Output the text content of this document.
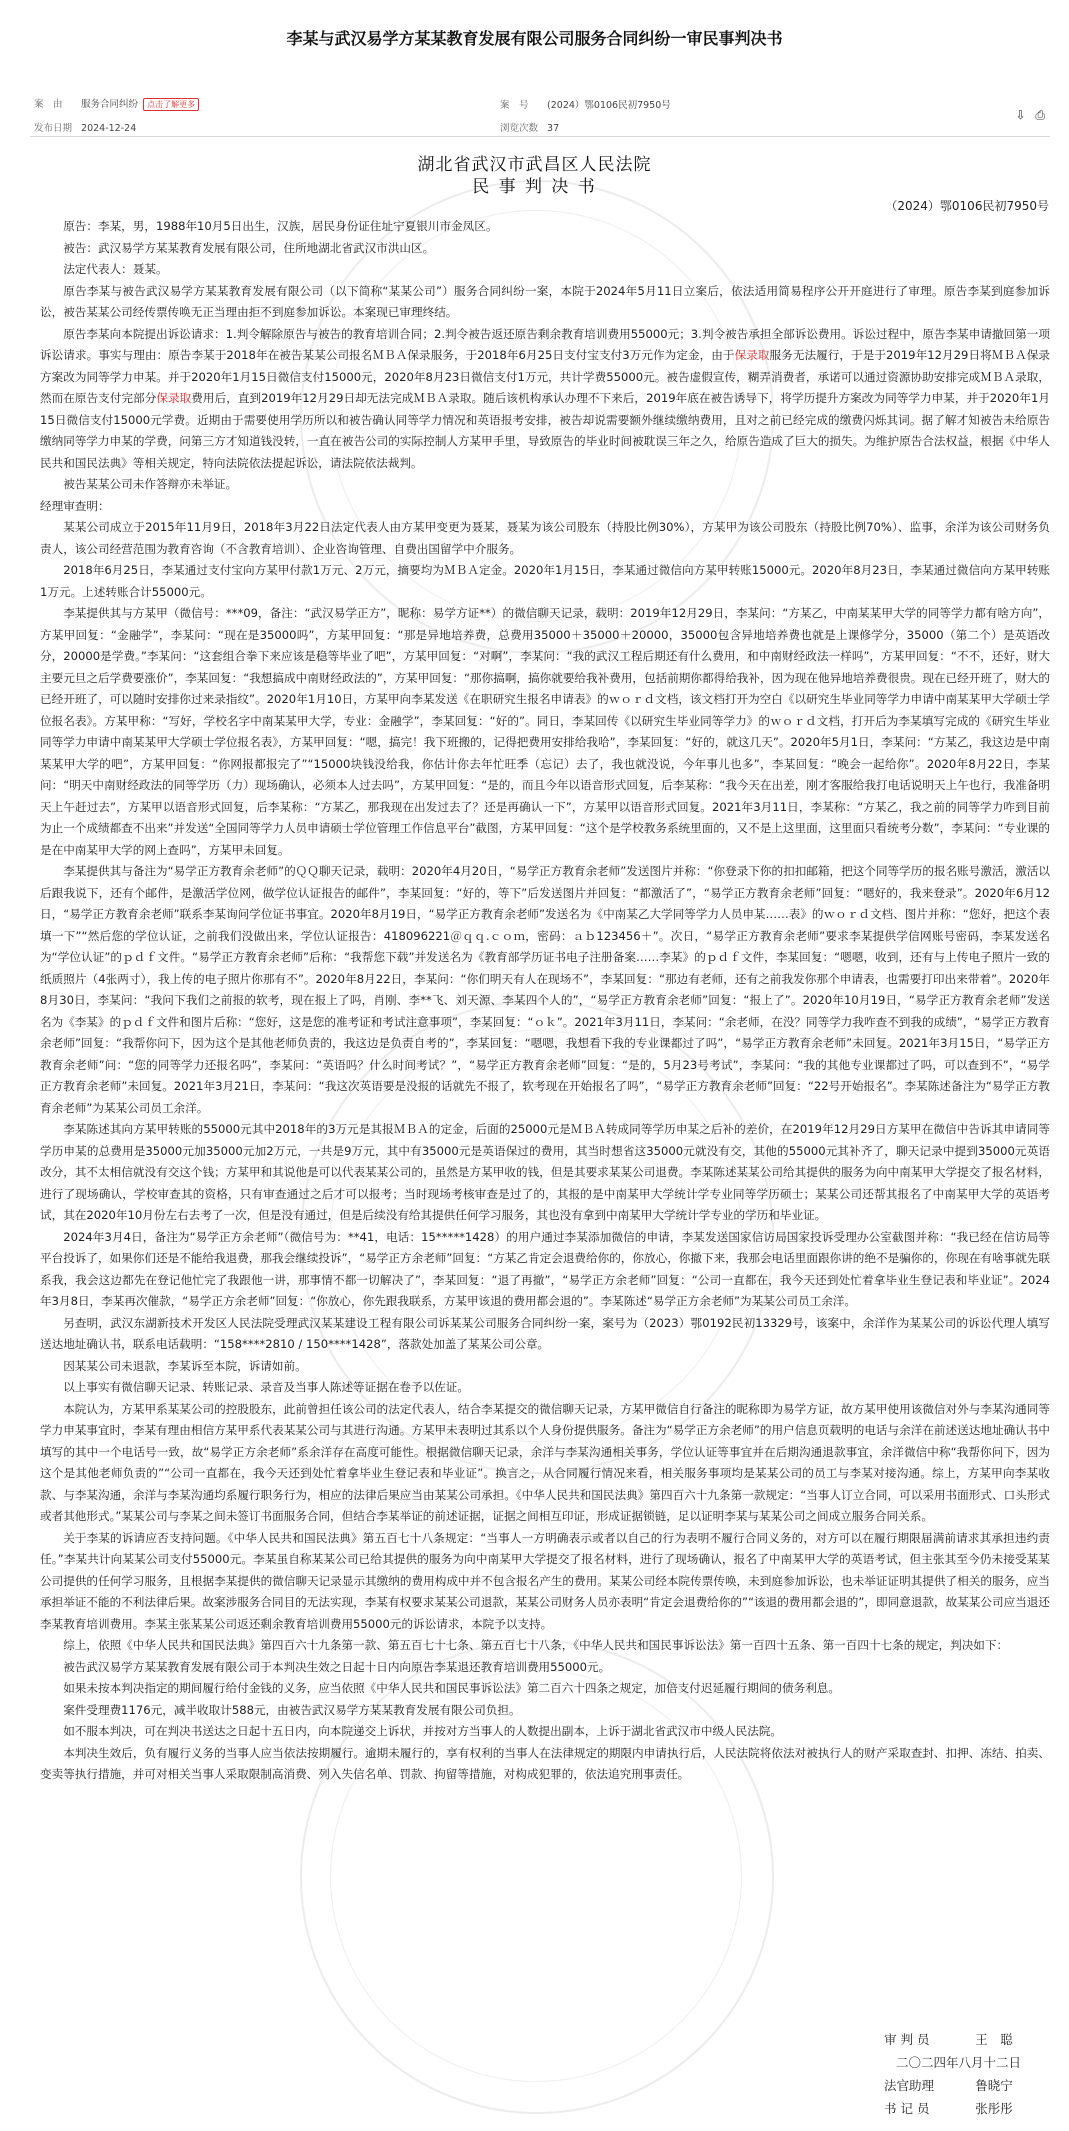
李某与武汉易学方某某教育发展有限公司服务合同纠纷一审民事判决书
案　由 服务合同纠纷 点击了解更多	案　号 (2024）鄂0106民初7950号
发布日期 2024-12-24	浏览次数 37
⇩ ⎙
湖北省武汉市武昌区人民法院
民 事 判 决 书
（2024）鄂0106民初7950号

原告：李某，男，1988年10月5日出生，汉族，居民身份证住址宁夏银川市金凤区。

被告：武汉易学方某某教育发展有限公司，住所地湖北省武汉市洪山区。

法定代表人：聂某。

原告李某与被告武汉易学方某某教育发展有限公司（以下简称“某某公司”）服务合同纠纷一案，本院于2024年5月11日立案后，依法适用简易程序公开开庭进行了审理。原告李某到庭参加诉讼，被告某某公司经传票传唤无正当理由拒不到庭参加诉讼。本案现已审理终结。

原告李某向本院提出诉讼请求：1.判令解除原告与被告的教育培训合同；2.判令被告返还原告剩余教育培训费用55000元；3.判令被告承担全部诉讼费用。诉讼过程中，原告李某申请撤回第一项诉讼请求。事实与理由：原告李某于2018年在被告某某公司报名ＭＢＡ保录服务，于2018年6月25日支付宝支付3万元作为定金，由于保录取服务无法履行，于是于2019年12月29日将ＭＢＡ保录方案改为同等学力申某。并于2020年1月15日微信支付15000元，2020年8月23日微信支付1万元，共计学费55000元。被告虚假宣传，糊弄消费者，承诺可以通过资源协助安排完成ＭＢＡ录取，然而在原告支付完部分保录取费用后，直到2019年12月29日却无法完成ＭＢＡ录取。随后该机构承认办理不下来后，2019年底在被告诱导下，将学历提升方案改为同等学力申某，并于2020年1月15日微信支付15000元学费。近期由于需要使用学历所以和被告确认同等学力情况和英语报考安排，被告却说需要额外继续缴纳费用，且对之前已经完成的缴费闪烁其词。据了解才知被告未给原告缴纳同等学力申某的学费，问第三方才知道钱没转，一直在被告公司的实际控制人方某甲手里，导致原告的毕业时间被耽误三年之久，给原告造成了巨大的损失。为维护原告合法权益，根据《中华人民共和国民法典》等相关规定，特向法院依法提起诉讼，请法院依法裁判。

被告某某公司未作答辩亦未举证。

经理审查明：

某某公司成立于2015年11月9日，2018年3月22日法定代表人由方某甲变更为聂某，聂某为该公司股东（持股比例30%），方某甲为该公司股东（持股比例70%）、监事，余洋为该公司财务负责人，该公司经营范围为教育咨询（不含教育培训）、企业咨询管理、自费出国留学中介服务。

2018年6月25日，李某通过支付宝向方某甲付款1万元、2万元，摘要均为ＭＢＡ定金。2020年1月15日，李某通过微信向方某甲转账15000元。2020年8月23日，李某通过微信向方某甲转账1万元。上述转账合计55000元。

李某提供其与方某甲（微信号：***09，备注：“武汉易学正方”，昵称：易学方证**）的微信聊天记录，载明：2019年12月29日，李某问：“方某乙，中南某某甲大学的同等学力都有啥方向”，方某甲回复：“金融学”，李某问：“现在是35000吗”，方某甲回复：“那是异地培养费，总费用35000＋35000＋20000，35000包含异地培养费也就是上课修学分，35000（第二个）是英语改分，20000是学费。”李某问：“这套组合拳下来应该是稳等毕业了吧”，方某甲回复：“对啊”，李某问：“我的武汉工程后期还有什么费用，和中南财经政法一样吗”，方某甲回复：“不不，还好，财大主要元旦之后学费要涨价”，李某回复：“我想搞成中南财经政法的”，方某甲回复：“那你搞啊，搞你就要给我补费用，包括前期你都得给我补，因为现在他异地培养费很贵。现在已经开班了，财大的已经开班了，可以随时安排你过来录指纹”。2020年1月10日，方某甲向李某发送《在职研究生报名申请表》的ｗｏｒｄ文档，该文档打开为空白《以研究生毕业同等学力申请中南某某甲大学硕士学位报名表》。方某甲称：“写好，学校名字中南某某甲大学，专业：金融学”，李某回复：“好的”。同日，李某回传《以研究生毕业同等学力》的ｗｏｒｄ文档，打开后为李某填写完成的《研究生毕业同等学力申请中南某某甲大学硕士学位报名表》，方某甲回复：“嗯，搞完！我下班搬的，记得把费用安排给我哈”，李某回复：“好的，就这几天”。2020年5月1日，李某问：“方某乙，我这边是中南某某甲大学的吧”，方某甲回复：“你网报都报完了”“15000块钱没给我，你估计你去年忙旺季（忘记）去了，我也就没说，今年事儿也多”，李某回复：“晚会一起给你”。2020年8月22日，李某问：“明天中南财经政法的同等学历（力）现场确认，必须本人过去吗”，方某甲回复：“是的，而且今年以语音形式回复，后李某称：“我今天在出差，刚才客服给我打电话说明天上午也行，我准备明天上午赶过去”，方某甲以语音形式回复，后李某称：“方某乙，那我现在出发过去了？还是再确认一下”，方某甲以语音形式回复。2021年3月11日，李某称：“方某乙，我之前的同等学力咋到目前为止一个成绩都查不出来”并发送“全国同等学力人员申请硕士学位管理工作信息平台”截图，方某甲回复：“这个是学校教务系统里面的，又不是上这里面，这里面只看统考分数”，李某问：“专业课的是在中南某甲大学的网上查吗”，方某甲未回复。

李某提供其与备注为“易学正方教育余老师”的ＱＱ聊天记录，载明：2020年4月20日，“易学正方教育余老师”发送图片并称：“你登录下你的扣扣邮箱，把这个同等学历的报名账号激活，激活以后跟我说下，还有个邮件，是激活学位网，做学位认证报告的邮件”，李某回复：“好的，等下”后发送图片并回复：“都激活了”，“易学正方教育余老师”回复：“嗯好的，我来登录”。2020年6月12日，“易学正方教育余老师”联系李某询问学位证书事宜。2020年8月19日，“易学正方教育余老师”发送名为《中南某乙大学同等学力人员申某……表》的ｗｏｒｄ文档、图片并称：“您好，把这个表填一下”“然后您的学位认证，之前我们没做出来，学位认证报告：418096221＠ｑｑ.ｃｏｍ，密码：ａｂ123456＋”。次日，“易学正方教育余老师”要求李某提供学信网账号密码，李某发送名为“学位认证”的ｐｄｆ文件。“易学正方教育余老师”后称：“我帮您下载”并发送名为《教育部学历证书电子注册备案……李某》的ｐｄｆ文件，李某回复：“嗯嗯，收到，还有与上传电子照片一致的纸质照片（4张两寸），我上传的电子照片你那有不”。2020年8月22日，李某问：“你们明天有人在现场不”，李某回复：“那边有老师，还有之前我发你那个申请表，也需要打印出来带着”。2020年8月30日，李某问：“我问下我们之前报的软考，现在报上了吗，肖刚、李**飞、刘天源、李某四个人的”，“易学正方教育余老师”回复：“报上了”。2020年10月19日，“易学正方教育余老师”发送名为《李某》的ｐｄｆ文件和图片后称：“您好，这是您的准考证和考试注意事项”，李某回复：“ｏｋ”。2021年3月11日，李某问：“余老师，在没？同等学力我咋查不到我的成绩”，“易学正方教育余老师”回复：“我帮你问下，因为这个是其他老师负责的，我这边是负责自考的”，李某回复：“嗯嗯，我想看下我的专业课都过了吗”，“易学正方教育余老师”未回复。2021年3月15日，“易学正方教育余老师”问：“您的同等学力还报名吗”，李某问：“英语吗？什么时间考试？”，“易学正方教育余老师”回复：“是的，5月23号考试”，李某问：“我的其他专业课都过了吗，可以查到不”，“易学正方教育余老师”未回复。2021年3月21日，李某问：“我这次英语要是没报的话就先不报了，软考现在开始报名了吗”，“易学正方教育余老师”回复：“22号开始报名”。李某陈述备注为“易学正方教育余老师”为某某公司员工余洋。

李某陈述其向方某甲转账的55000元其中2018年的3万元是其报ＭＢＡ的定金，后面的25000元是ＭＢＡ转成同等学历申某之后补的差价，在2019年12月29日方某甲在微信中告诉其申请同等学历申某的总费用是35000元加35000元加2万元，一共是9万元，其中有35000元是英语保过的费用，其当时想省这35000元就没有交，其他的55000元其补齐了，聊天记录中提到35000元英语改分，其不太相信就没有交这个钱；方某甲和其说他是可以代表某某公司的，虽然是方某甲收的钱，但是其要求某某公司退费。李某陈述某某公司给其提供的服务为向中南某甲大学提交了报名材料，进行了现场确认，学校审查其的资格，只有审查通过之后才可以报考；当时现场考核审查是过了的，其报的是中南某甲大学统计学专业同等学历硕士；某某公司还帮其报名了中南某甲大学的英语考试，其在2020年10月份左右去考了一次，但是没有通过，但是后续没有给其提供任何学习服务，其也没有拿到中南某甲大学统计学专业的学历和毕业证。

2024年3月4日，备注为“易学正方余老师”（微信号为：**41，电话：15*****1428）的用户通过李某添加微信的申请，李某发送国家信访局国家投诉受理办公室截图并称：“我已经在信访局等平台投诉了，如果你们还是不能给我退费，那我会继续投诉”，“易学正方余老师”回复：“方某乙肯定会退费给你的，你放心，你撤下来，我那会电话里面跟你讲的绝不是骗你的，你现在有啥事就先联系我，我会这边都先在登记他忙完了我跟他一讲，那事情不都一切解决了”，李某回复：“退了再撤”，“易学正方余老师”回复：“公司一直都在，我今天还到处忙着拿毕业生登记表和毕业证”。2024年3月8日，李某再次催款，“易学正方余老师”回复：“你放心，你先跟我联系，方某甲该退的费用都会退的”。李某陈述“易学正方余老师”为某某公司员工余洋。

另查明，武汉东湖新技术开发区人民法院受理武汉某某建设工程有限公司诉某某公司服务合同纠纷一案，案号为（2023）鄂0192民初13329号，该案中，余洋作为某某公司的诉讼代理人填写送达地址确认书，联系电话载明：“158****2810 / 150****1428”，落款处加盖了某某公司公章。

因某某公司未退款，李某诉至本院，诉请如前。

以上事实有微信聊天记录、转账记录、录音及当事人陈述等证据在卷予以佐证。

本院认为，方某甲系某某公司的控股股东，此前曾担任该公司的法定代表人，结合李某提交的微信聊天记录，方某甲微信自行备注的昵称即为易学方证，故方某甲使用该微信对外与李某沟通同等学力申某事宜时，李某有理由相信方某甲系代表某某公司与其进行沟通。方某甲未表明过其系以个人身份提供服务。备注为“易学正方余老师”的用户信息页载明的电话与余洋在前述送达地址确认书中填写的其中一个电话号一致，故“易学正方余老师”系余洋存在高度可能性。根据微信聊天记录，余洋与李某沟通相关事务，学位认证等事宜并在后期沟通退款事宜，余洋微信中称“我帮你问下，因为这个是其他老师负责的”“公司一直都在，我今天还到处忙着拿毕业生登记表和毕业证”。换言之，从合同履行情况来看，相关服务事项均是某某公司的员工与李某对接沟通。综上，方某甲向李某收款、与李某沟通，余洋与李某沟通均系履行职务行为，相应的法律后果应当由某某公司承担。《中华人民共和国民法典》第四百六十九条第一款规定：“当事人订立合同，可以采用书面形式、口头形式或者其他形式。”某某公司与李某之间未签订书面服务合同，但结合李某举证的前述证据，证据之间相互印证，形成证据锁链，足以证明李某与某某公司之间成立服务合同关系。

关于李某的诉请应否支持问题。《中华人民共和国民法典》第五百七十八条规定：“当事人一方明确表示或者以自己的行为表明不履行合同义务的，对方可以在履行期限届满前请求其承担违约责任。”李某共计向某某公司支付55000元。李某虽自称某某公司已给其提供的服务为向中南某甲大学提交了报名材料，进行了现场确认，报名了中南某甲大学的英语考试，但主张其至今仍未接受某某公司提供的任何学习服务，且根据李某提供的微信聊天记录显示其缴纳的费用构成中并不包含报名产生的费用。某某公司经本院传票传唤，未到庭参加诉讼，也未举证证明其提供了相关的服务，应当承担举证不能的不利法律后果。故案涉服务合同目的无法实现，李某有权要求某某公司退款，某某公司财务人员亦表明“肯定会退费给你的”“该退的费用都会退的”，即同意退款，故某某公司应当退还李某教育培训费用。李某主张某某公司返还剩余教育培训费用55000元的诉讼请求，本院予以支持。

综上，依照《中华人民共和国民法典》第四百六十九条第一款、第五百七十七条、第五百七十八条，《中华人民共和国民事诉讼法》第一百四十五条、第一百四十七条的规定，判决如下：

被告武汉易学方某某教育发展有限公司于本判决生效之日起十日内向原告李某退还教育培训费用55000元。

如果未按本判决指定的期间履行给付金钱的义务，应当依照《中华人民共和国民事诉讼法》第二百六十四条之规定，加倍支付迟延履行期间的债务利息。

案件受理费1176元，减半收取计588元，由被告武汉易学方某某教育发展有限公司负担。

如不服本判决，可在判决书送达之日起十五日内，向本院递交上诉状，并按对方当事人的人数提出副本，上诉于湖北省武汉市中级人民法院。

本判决生效后，负有履行义务的当事人应当依法按期履行。逾期未履行的，享有权利的当事人在法律规定的期限内申请执行后，人民法院将依法对被执行人的财产采取查封、扣押、冻结、拍卖、变卖等执行措施，并可对相关当事人采取限制高消费、列入失信名单、罚款、拘留等措施，对构成犯罪的，依法追究刑事责任。

审 判 员	王　聪
二〇二四年八月十二日
法官助理	鲁晓宁
书 记 员	张彤彤
